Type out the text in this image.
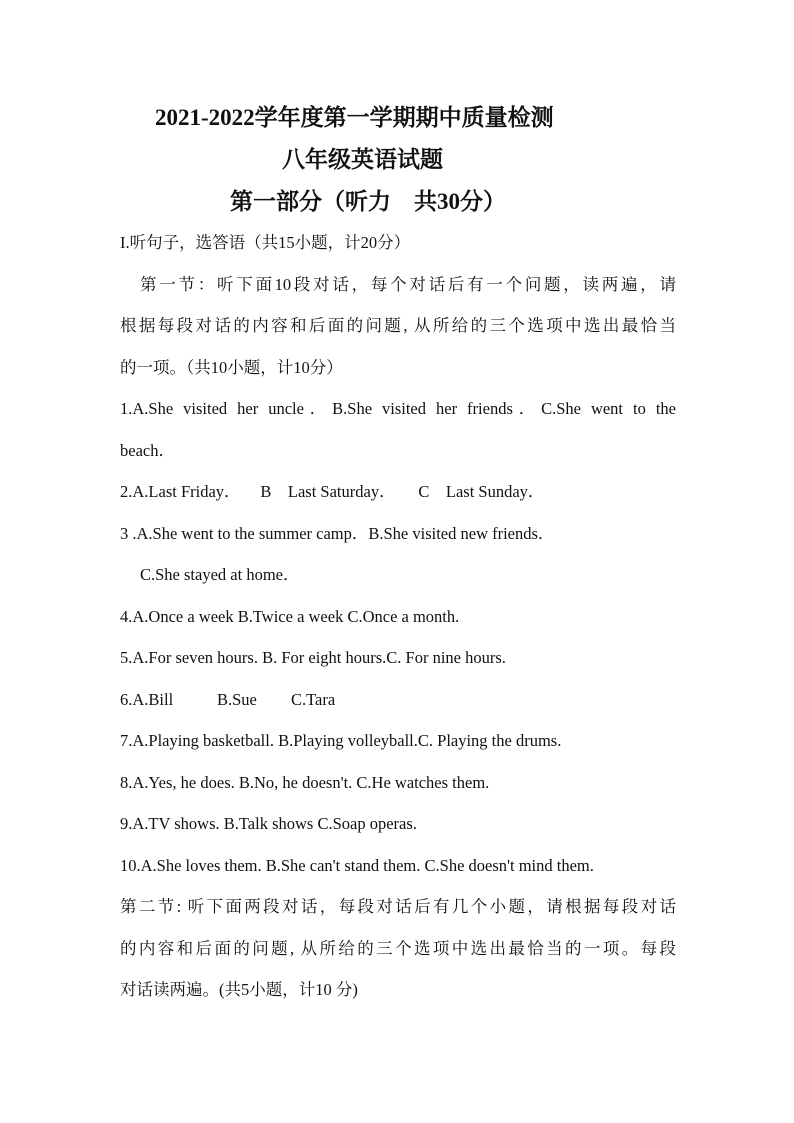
2021-2022学年度第一学期期中质量检测
八年级英语试题
第一部分（听力　共30分）
I.听句子，选答语（共15小题，计20分）
第一节：听下面10段对话，每个对话后有一个问题，读两遍，请
根据每段对话的内容和后面的问题, 从所给的三个选项中选出最恰当
的一项。（共10小题，计10分）
1.A.She visited her uncle．B.She visited her friends．C.She went to the
beach．
2.A.Last Friday． B　Last Saturday． C　Last Sunday．
3 .A.She went to the summer camp．B.She visited new friends．
C.She stayed at home．
4.A.Once a week B.Twice a week C.Once a month.
5.A.For seven hours. B. For eight hours.C. For nine hours.
6.A.Bill	B.Sue C.Tara
7.A.Playing basketball. B.Playing volleyball.C. Playing the drums.
8.A.Yes, he does. B.No, he doesn't. C.He watches them.
9.A.TV shows. B.Talk shows C.Soap operas.
10.A.She loves them. B.She can't stand them. C.She doesn't mind them.
第二节: 听下面两段对话，每段对话后有几个小题，请根据每段对话
的内容和后面的问题, 从所给的三个选项中选出最恰当的一项。每段
对话读两遍。(共5小题，计10 分)
